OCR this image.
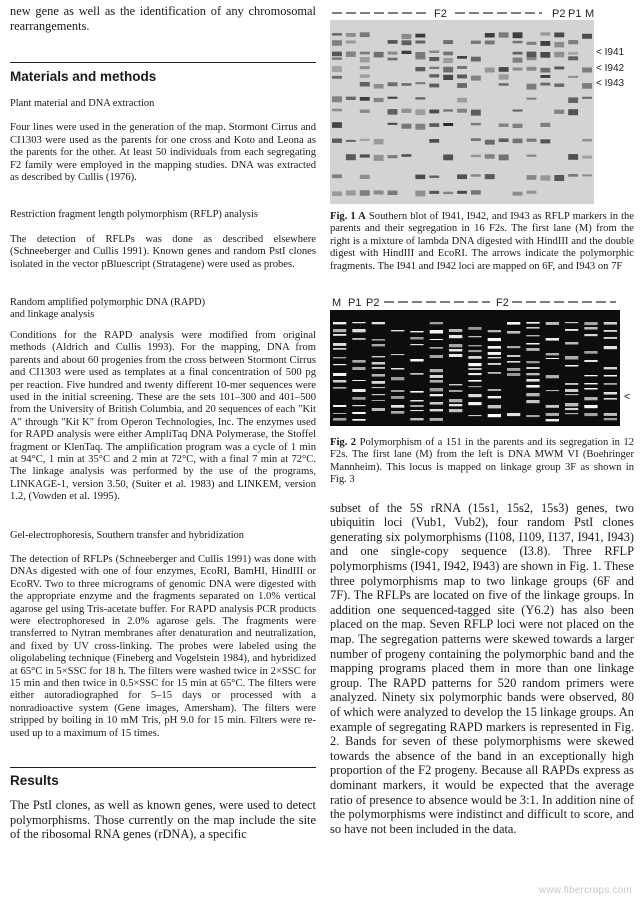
new gene as well as the identification of any chromosomal rearrangements.
Materials and methods
Plant material and DNA extraction
Four lines were used in the generation of the map. Stormont Cirrus and CI1303 were used as the parents for one cross and Koto and Leona as the parents for the other. At least 50 individuals from each segregating F2 family were employed in the mapping studies. DNA was extracted as described by Cullis (1976).
Restriction fragment length polymorphism (RFLP) analysis
The detection of RFLPs was done as described elsewhere (Schneeberger and Cullis 1991). Known genes and random PstI clones isolated in the vector pBluescript (Stratagene) were used as probes.
Random amplified polymorphic DNA (RAPD)
and linkage analysis
Conditions for the RAPD analysis were modified from original methods (Aldrich and Cullis 1993). For the mapping, DNA from parents and about 60 progenies from the cross between Stormont Cirrus and CI1303 were used as templates at a final concentration of 500 pg per reaction. Five hundred and twenty different 10-mer sequences were used in the initial screening. These are the sets 101–300 and 401–500 from the University of British Columbia, and 20 sequences of each "Kit A" through "Kit K" from Operon Technologies, Inc. The enzymes used for RAPD analysis were either AmpliTaq DNA Polymerase, the Stoffel fragment or KlenTaq. The amplification program was a cycle of 1 min at 94°C, 1 min at 35°C and 2 min at 72°C, with a final 7 min at 72°C. The linkage analysis was performed by the use of the programs, LINKAGE-1, version 3.50, (Suiter et al. 1983) and LINKEM, version 1.2, (Vowden et al. 1995).
Gel-electrophoresis, Southern transfer and hybridization
The detection of RFLPs (Schneeberger and Cullis 1991) was done with DNAs digested with one of four enzymes, EcoRI, BamHI, HindIII or EcoRV. Two to three micrograms of genomic DNA were digested with the appropriate enzyme and the fragments separated on 1.0% vertical agarose gel using Tris-acetate buffer. For RAPD analysis PCR products were electrophoresed in 2.0% agarose gels. The fragments were transferred to Nytran membranes after denaturation and neutralization, and fixed by UV cross-linking. The probes were labeled using the oligolabeling technique (Fineberg and Vogelstein 1984), and hybridized at 65°C in 5×SSC for 18 h. The filters were washed twice in 2×SSC for 15 min and then twice in 0.5×SSC for 15 min at 65°C. The filters were either autoradiographed for 5–15 days or processed with a nonradioactive system (Gene images, Amersham). The filters were stripped by boiling in 10 mM Tris, pH 9.0 for 15 min. Filters were re-used up to a maximum of 15 times.
Results
The PstI clones, as well as known genes, were used to detect polymorphisms. Those currently on the map include the site of the ribosomal RNA genes (rDNA), a specific
F2	P2 P1 M
< I941
< I942
< I943
Fig. 1 A Southern blot of I941, I942, and I943 as RFLP markers in the parents and their segregation in 16 F2s. The first lane (M) from the right is a mixture of lambda DNA digested with HindIII and the double digest with HindIII and EcoRI. The arrows indicate the polymorphic fragments. The I941 and I942 loci are mapped on 6F, and I943 on 7F
M P1 P2	F2
<
Fig. 2 Polymorphism of a 151 in the parents and its segregation in 12 F2s. The first lane (M) from the left is DNA MWM VI (Boehringer Mannheim). This locus is mapped on linkage group 3F as shown in Fig. 3
subset of the 5S rRNA (15s1, 15s2, 15s3) genes, two ubiquitin loci (Vub1, Vub2), four random PstI clones generating six polymorphisms (I108, I109, I137, I941, I943) and one single-copy sequence (I3.8). Three RFLP polymorphisms (I941, I942, I943) are shown in Fig. 1. These three polymorphisms map to two linkage groups (6F and 7F). The RFLPs are located on five of the linkage groups. In addition one sequenced-tagged site (Y6.2) has also been placed on the map. Seven RFLP loci were not placed on the map. The segregation patterns were skewed towards a larger number of progeny containing the polymorphic band and the mapping programs placed them in more than one linkage group. The RAPD patterns for 520 random primers were analyzed. Ninety six polymorphic bands were observed, 80 of which were analyzed to develop the 15 linkage groups. An example of segregating RAPD markers is represented in Fig. 2. Bands for seven of these polymorphisms were skewed towards the absence of the band in an exceptionally high proportion of the F2 progeny. Because all RAPDs express as dominant markers, it would be expected that the average ratio of presence to absence would be 3:1. In addition nine of the polymorphisms were indistinct and difficult to score, and so have not been included in the data.
www.fibercrops.com
